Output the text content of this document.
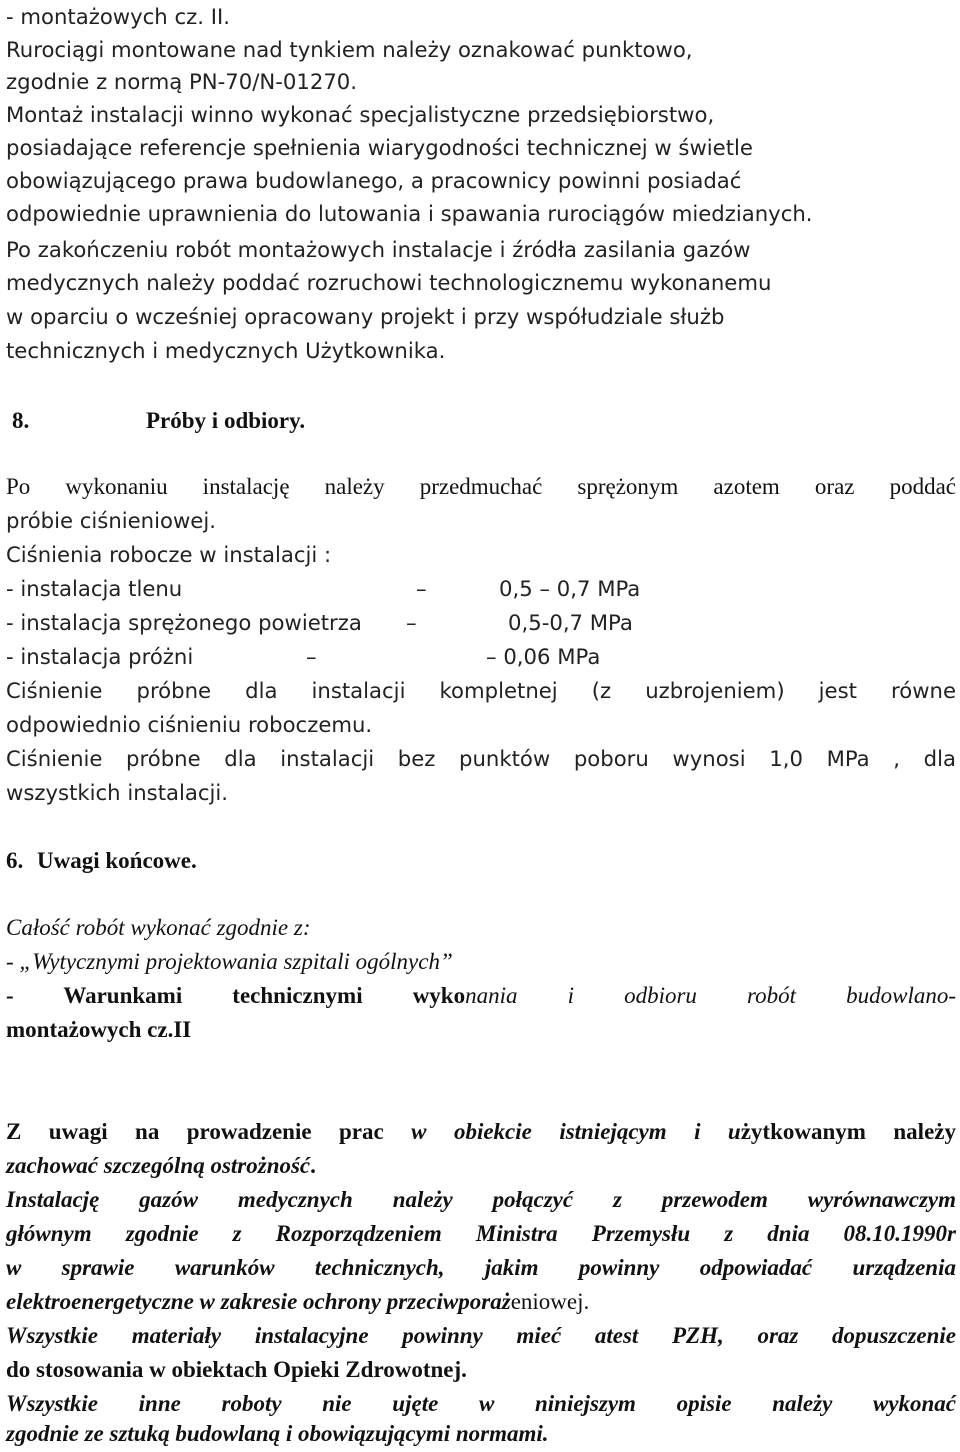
- montażowych cz. II.
Rurociągi montowane nad tynkiem należy oznakować punktowo,
zgodnie z normą PN-70/N-01270.
Montaż instalacji winno wykonać specjalistyczne przedsiębiorstwo,
posiadające referencje spełnienia wiarygodności technicznej w świetle
obowiązującego prawa budowlanego, a pracownicy powinni posiadać
odpowiednie uprawnienia do lutowania i spawania rurociągów miedzianych.
Po zakończeniu robót montażowych instalacje i źródła zasilania gazów
medycznych należy poddać rozruchowi technologicznemu wykonanemu
w oparciu o wcześniej opracowany projekt i przy współudziale służb
technicznych i medycznych Użytkownika.
8.	Próby i odbiory.
Po wykonaniu instalację należy przedmuchać sprężonym azotem oraz poddać
próbie ciśnieniowej.
Ciśnienia robocze w instalacji :
- instalacja tlenu	–	0,5 – 0,7 MPa
- instalacja sprężonego powietrza –	0,5-0,7 MPa
- instalacja próżni	–	– 0,06 MPa
Ciśnienie próbne dla instalacji kompletnej (z uzbrojeniem) jest równe
odpowiednio ciśnieniu roboczemu.
Ciśnienie próbne dla instalacji bez punktów poboru wynosi 1,0 MPa , dla
wszystkich instalacji.
6. Uwagi końcowe.
Całość robót wykonać zgodnie z:
- „Wytycznymi projektowania szpitali ogólnych”
- Warunkami technicznymi wykonania i odbioru robót budowlano-
montażowych cz.II
Z uwagi na prowadzenie prac w obiekcie istniejącym i użytkowanym należy
zachować szczególną ostrożność.
Instalację gazów medycznych należy połączyć z przewodem wyrównawczym
głównym zgodnie z Rozporządzeniem Ministra Przemysłu z dnia 08.10.1990r
w sprawie warunków technicznych, jakim powinny odpowiadać urządzenia
elektroenergetyczne w zakresie ochrony przeciwporażeniowej.
Wszystkie materiały instalacyjne powinny mieć atest PZH, oraz dopuszczenie
do stosowania w obiektach Opieki Zdrowotnej.
Wszystkie inne roboty nie ujęte w niniejszym opisie należy wykonać
zgodnie ze sztuką budowlaną i obowiązującymi normami.
